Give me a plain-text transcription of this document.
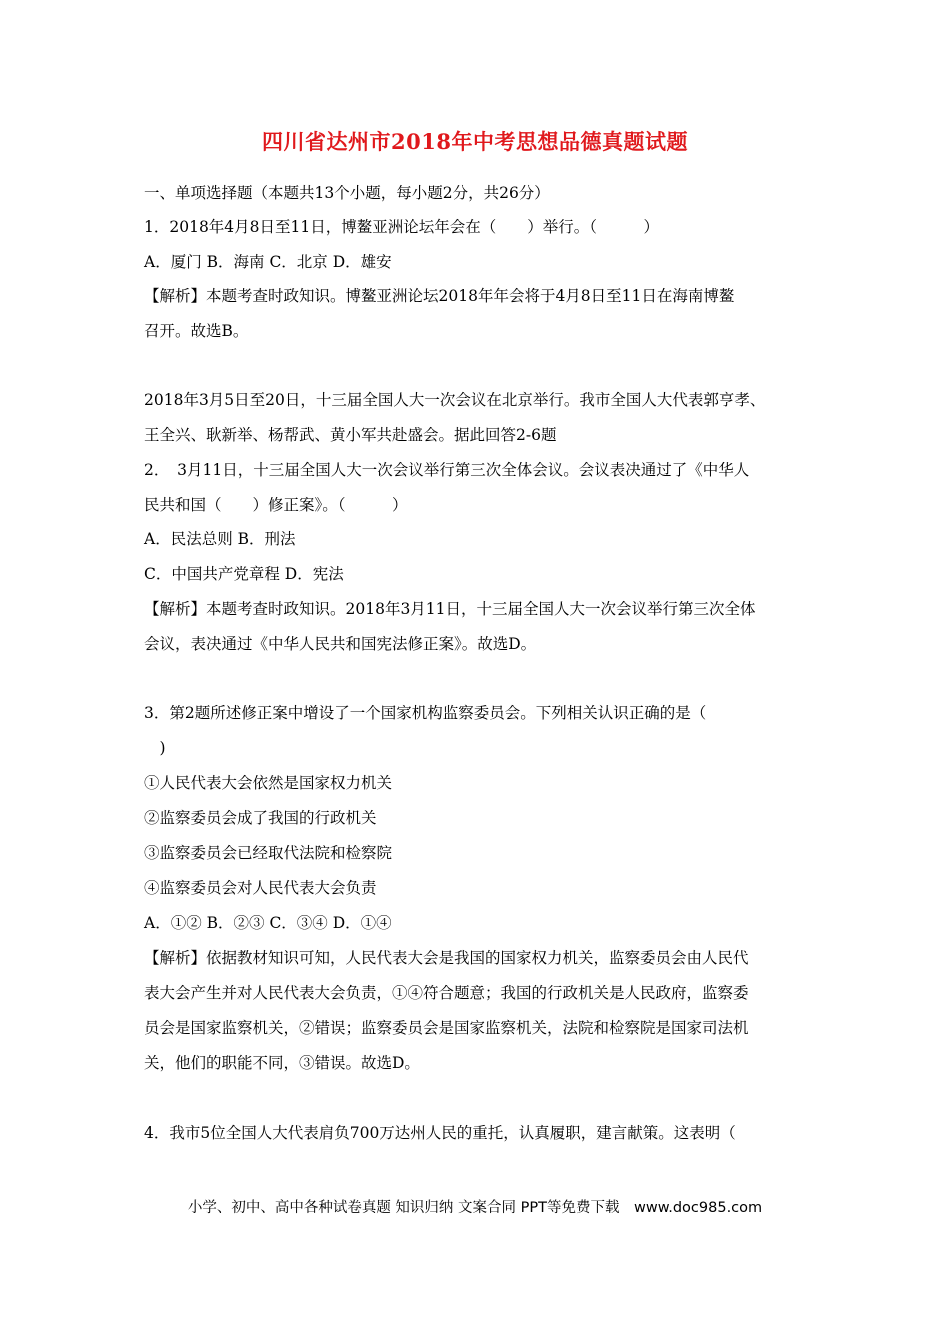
四川省达州市2018年中考思想品德真题试题
一、单项选择题（本题共13个小题，每小题2分，共26分）
1．2018年4月8日至11日，博鳌亚洲论坛年会在（　　）举行。（　　　）
A．厦门 B．海南 C．北京 D．雄安
【解析】本题考查时政知识。博鳌亚洲论坛2018年年会将于4月8日至11日在海南博鳌
召开。故选B。
2018年3月5日至20日，十三届全国人大一次会议在北京举行。我市全国人大代表郭亨孝、
王全兴、耿新举、杨帮武、黄小军共赴盛会。据此回答2-6题
2．　3月11日，十三届全国人大一次会议举行第三次全体会议。会议表决通过了《中华人
民共和国（　　）修正案》。（　　　）
A．民法总则 B．刑法
C．中国共产党章程 D．宪法
【解析】本题考查时政知识。2018年3月11日，十三届全国人大一次会议举行第三次全体
会议，表决通过《中华人民共和国宪法修正案》。故选D。
3．第2题所述修正案中增设了一个国家机构监察委员会。下列相关认识正确的是（
　)
①人民代表大会依然是国家权力机关
②监察委员会成了我国的行政机关
③监察委员会已经取代法院和检察院
④监察委员会对人民代表大会负责
A．①② B．②③ C．③④ D．①④
【解析】依据教材知识可知，人民代表大会是我国的国家权力机关，监察委员会由人民代
表大会产生并对人民代表大会负责，①④符合题意；我国的行政机关是人民政府，监察委
员会是国家监察机关，②错误；监察委员会是国家监察机关，法院和检察院是国家司法机
关，他们的职能不同，③错误。故选D。
4．我市5位全国人大代表肩负700万达州人民的重托，认真履职，建言献策。这表明（
小学、初中、高中各种试卷真题 知识归纳 文案合同 PPT等免费下载　www.doc985.com
